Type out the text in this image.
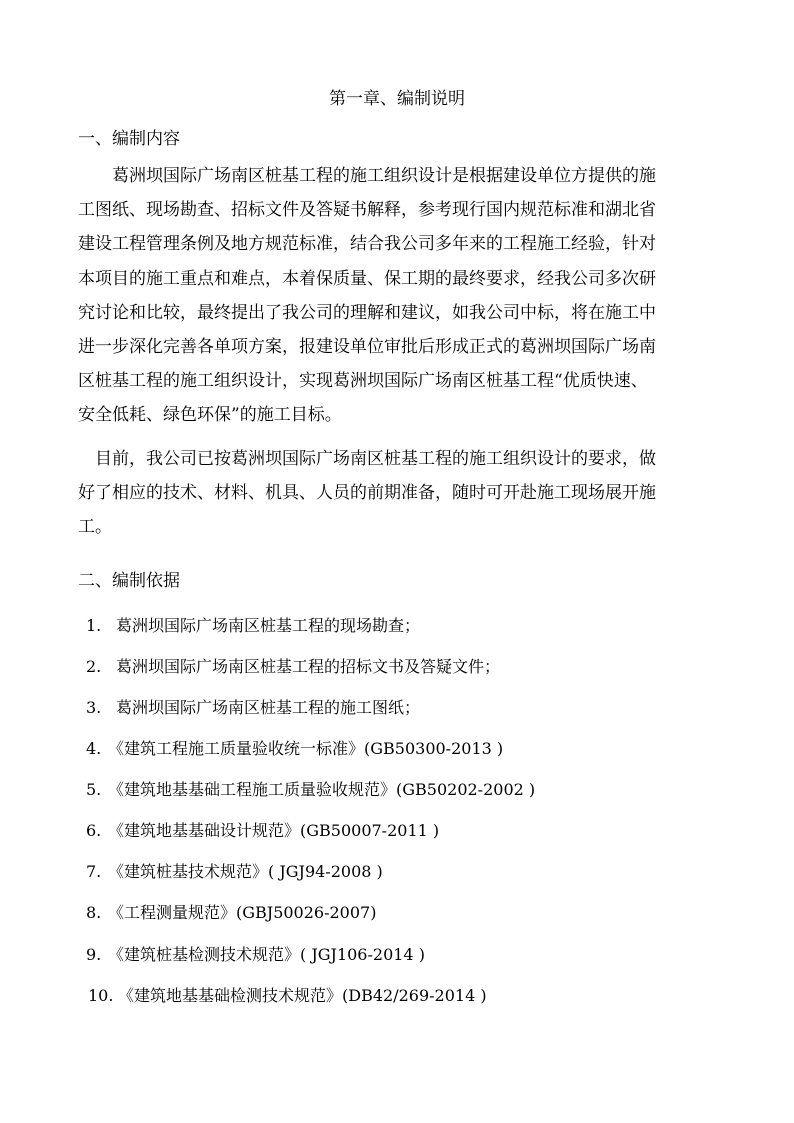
第一章、编制说明
一、编制内容

　　葛洲坝国际广场南区桩基工程的施工组织设计是根据建设单位方提供的施
工图纸、现场勘查、招标文件及答疑书解释，参考现行国内规范标准和湖北省
建设工程管理条例及地方规范标准，结合我公司多年来的工程施工经验，针对
本项目的施工重点和难点，本着保质量、保工期的最终要求，经我公司多次研
究讨论和比较，最终提出了我公司的理解和建议，如我公司中标，将在施工中
进一步深化完善各单项方案，报建设单位审批后形成正式的葛洲坝国际广场南
区桩基工程的施工组织设计，实现葛洲坝国际广场南区桩基工程“优质快速、
安全低耗、绿色环保”的施工目标。

　目前，我公司已按葛洲坝国际广场南区桩基工程的施工组织设计的要求，做
好了相应的技术、材料、机具、人员的前期准备，随时可开赴施工现场展开施
工。

二、编制依据
1. 葛洲坝国际广场南区桩基工程的现场勘查；
2. 葛洲坝国际广场南区桩基工程的招标文书及答疑文件；
3. 葛洲坝国际广场南区桩基工程的施工图纸；
4. 《建筑工程施工质量验收统一标准》(GB50300-2013 )
5. 《建筑地基基础工程施工质量验收规范》(GB50202-2002 )
6. 《建筑地基基础设计规范》(GB50007-2011 )
7. 《建筑桩基技术规范》( JGJ94-2008 )
8. 《工程测量规范》(GBJ50026-2007)
9. 《建筑桩基检测技术规范》( JGJ106-2014 )
10. 《建筑地基基础检测技术规范》(DB42/269-2014 )
